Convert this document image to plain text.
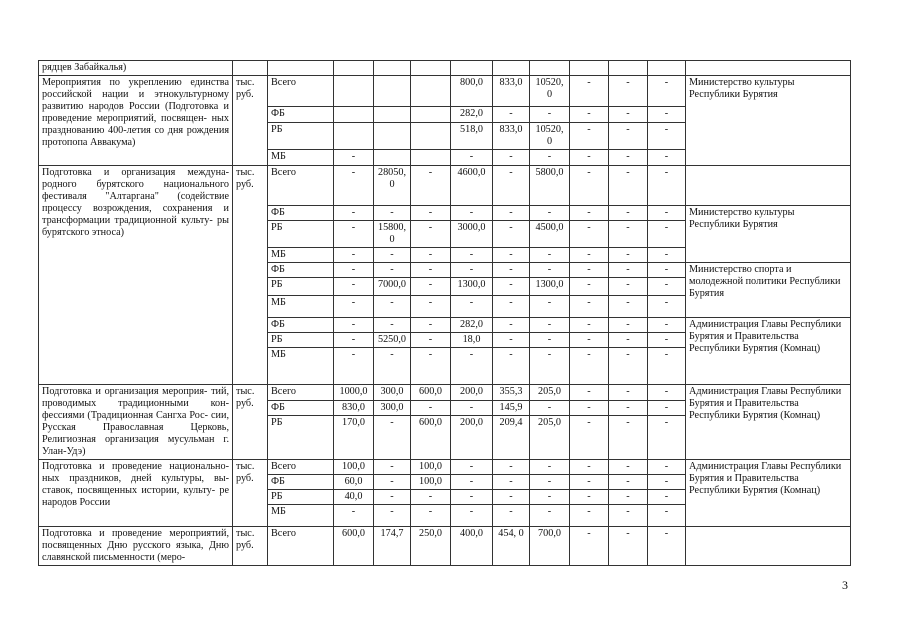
рядцев Забайкалья)												
Мероприятия по укреплению единства российской нации и этнокультурному развитию народов России (Подготовка и проведение мероприятий, посвящен- ных празднованию 400-летия со дня рождения протопопа Аввакума)	тыс. руб.	Всего				800,0	833,0	10520, 0	-	-	-	Министерство культуры Республики Бурятия
		ФБ				282,0	-	-	-	-	-	
		РБ				518,0	833,0	10520, 0	-	-	-	
		МБ	-			-	-	-	-	-	-	
Подготовка и организация междуна- родного бурятского национального фестиваля "Алтаргана" (содействие процессу возрождения, сохранения и трансформации традиционной культу- ры бурятского этноса)	тыс. руб.	Всего	-	28050, 0	-	4600,0	-	5800,0	-	-	-	
		ФБ	-	-	-	-	-	-	-	-	-	Министерство культуры Республики Бурятия
		РБ	-	15800, 0	-	3000,0	-	4500,0	-	-	-	
		МБ	-	-	-	-	-	-	-	-	-	
		ФБ	-	-	-	-	-	-	-	-	-	Министерство спорта и молодежной политики Республики Бурятия
		РБ	-	7000,0	-	1300,0	-	1300,0	-	-	-	
		МБ	-	-	-	-	-	-	-	-	-	
		ФБ	-	-	-	282,0	-	-	-	-	-	Администрация Главы Республики Бурятия и Правительства Республики Бурятия (Комнац)
		РБ	-	5250,0	-	18,0	-	-	-	-	-	
		МБ	-	-	-	-	-	-	-	-	-	
Подготовка и организация мероприя- тий, проводимых традиционными кон- фессиями (Традиционная Сангха Рос- сии, Русская Православная Церковь, Религиозная организация мусульман г. Улан-Удэ)	тыс. руб.	Всего	1000,0	300,0	600,0	200,0	355,3	205,0	-	-	-	Администрация Главы Республики Бурятия и Правительства Республики Бурятия (Комнац)
		ФБ	830,0	300,0	-	-	145,9	-	-	-	-	
		РБ	170,0	-	600,0	200,0	209,4	205,0	-	-	-	
Подготовка и проведение национально- ных праздников, дней культуры, вы- ставок, посвященных истории, культу- ре народов России	тыс. руб.	Всего	100,0	-	100,0	-	-	-	-	-	-	Администрация Главы Республики Бурятия и Правительства Республики Бурятия (Комнац)
		ФБ	60,0	-	100,0	-	-	-	-	-	-	
		РБ	40,0	-	-	-	-	-	-	-	-	
		МБ	-	-	-	-	-	-	-	-	-	
Подготовка и проведение мероприятий, посвященных Дню русского языка, Дню славянской письменности (меро-	тыс. руб.	Всего	600,0	174,7	250,0	400,0	454, 0	700,0	-	-	-	
3
